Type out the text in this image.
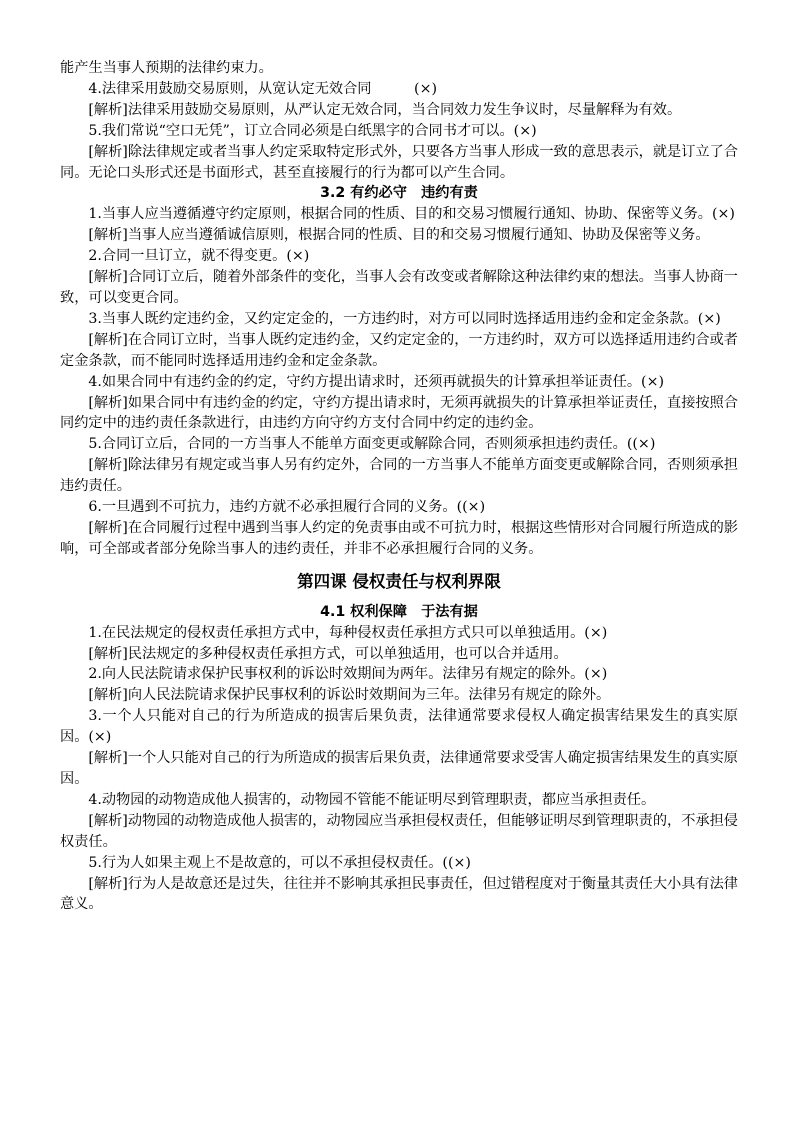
能产生当事人预期的法律约束力。

4.法律采用鼓励交易原则，从宽认定无效合同　　　(×)

[解析]法律采用鼓励交易原则，从严认定无效合同，当合同效力发生争议时，尽量解释为有效。

5.我们常说“空口无凭”，订立合同必须是白纸黑字的合同书才可以。(×)

[解析]除法律规定或者当事人约定采取特定形式外，只要各方当事人形成一致的意思表示，就是订立了合同。无论口头形式还是书面形式，甚至直接履行的行为都可以产生合同。

3.2 有约必守　违约有责

1.当事人应当遵循遵守约定原则，根据合同的性质、目的和交易习惯履行通知、协助、保密等义务。(×)

[解析]当事人应当遵循诚信原则，根据合同的性质、目的和交易习惯履行通知、协助及保密等义务。

2.合同一旦订立，就不得变更。(×)

[解析]合同订立后，随着外部条件的变化，当事人会有改变或者解除这种法律约束的想法。当事人协商一致，可以变更合同。

3.当事人既约定违约金，又约定定金的，一方违约时，对方可以同时选择适用违约金和定金条款。(×)

[解析]在合同订立时，当事人既约定违约金，又约定定金的，一方违约时，双方可以选择适用违约合或者定金条款，而不能同时选择适用违约金和定金条款。

4.如果合同中有违约金的约定，守约方提出请求时，还须再就损失的计算承担举证责任。(×)

[解析]如果合同中有违约金的约定，守约方提出请求时，无须再就损失的计算承担举证责任，直接按照合同约定中的违约责任条款进行，由违约方向守约方支付合同中约定的违约金。

5.合同订立后，合同的一方当事人不能单方面变更或解除合同，否则须承担违约责任。((×)

[解析]除法律另有规定或当事人另有约定外，合同的一方当事人不能单方面变更或解除合同，否则须承担违约责任。

6.一旦遇到不可抗力，违约方就不必承担履行合同的义务。((×)

[解析]在合同履行过程中遇到当事人约定的免责事由或不可抗力时，根据这些情形对合同履行所造成的影响，可全部或者部分免除当事人的违约责任，并非不必承担履行合同的义务。

第四课 侵权责任与权利界限
4.1 权利保障　于法有据

1.在民法规定的侵权责任承担方式中，每种侵权责任承担方式只可以单独适用。(×)

[解析]民法规定的多种侵权责任承担方式，可以单独适用，也可以合并适用。

2.向人民法院请求保护民事权利的诉讼时效期间为两年。法律另有规定的除外。(×)

[解析]向人民法院请求保护民事权利的诉讼时效期间为三年。法律另有规定的除外。

3.一个人只能对自己的行为所造成的损害后果负责，法律通常要求侵权人确定损害结果发生的真实原因。(×)

[解析]一个人只能对自己的行为所造成的损害后果负责，法律通常要求受害人确定损害结果发生的真实原因。

4.动物园的动物造成他人损害的，动物园不管能不能证明尽到管理职责，都应当承担责任。

[解析]动物园的动物造成他人损害的，动物园应当承担侵权责任，但能够证明尽到管理职责的，不承担侵权责任。

5.行为人如果主观上不是故意的，可以不承担侵权责任。((×)

[解析]行为人是故意还是过失，往往并不影响其承担民事责任，但过错程度对于衡量其责任大小具有法律意义。
